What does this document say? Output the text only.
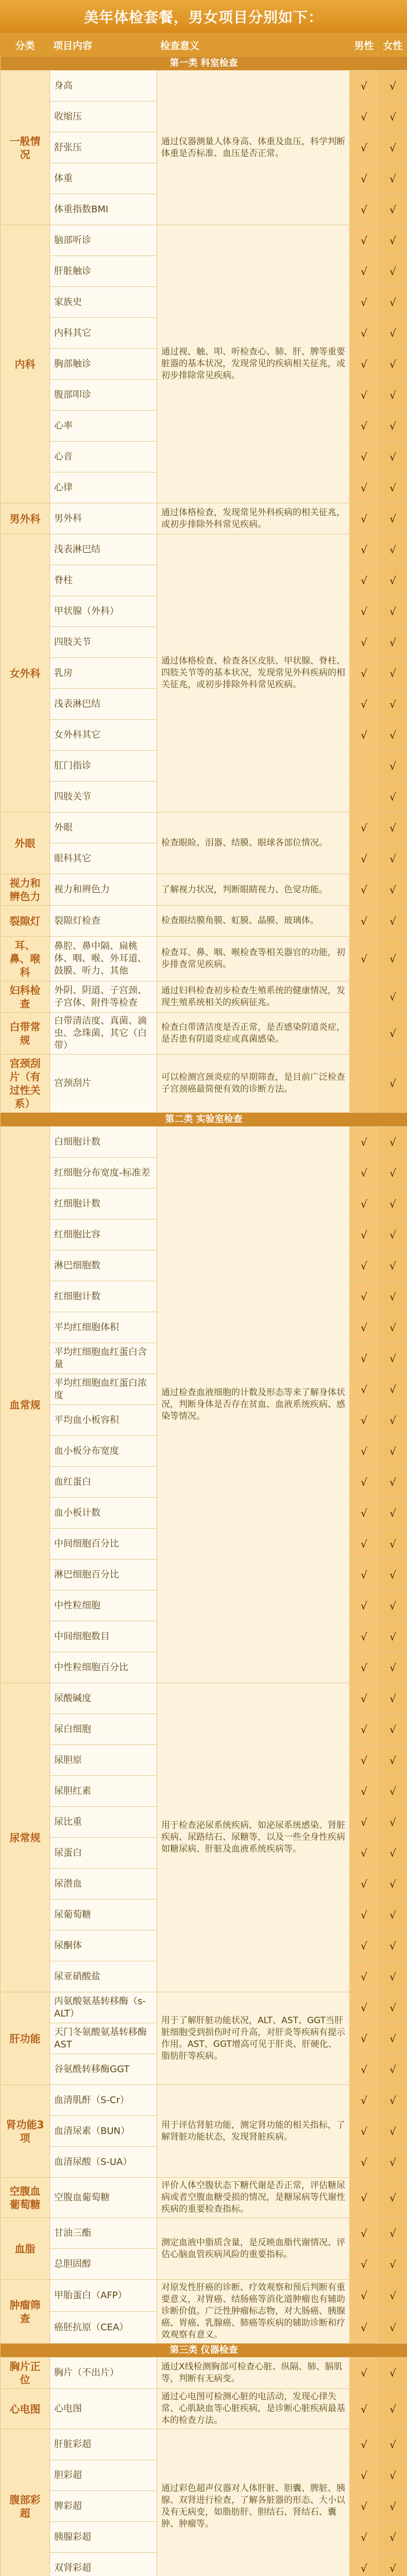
美年体检套餐，男女项目分别如下：
分类	项目内容	检查意义	男性	女性
第一类 科室检查				
一般情况	身高	通过仪器测量人体身高、体重及血压，科学判断体重是否标准、血压是否正常。	√	√
	收缩压		√	√
	舒张压		√	√
	体重		√	√
	体重指数BMI		√	√
内科	脑部听诊	通过视、触、叩、听检查心、肺、肝、脾等重要脏器的基本状况，发现常见的疾病相关征兆，或初步排除常见疾病。	√	√
	肝脏触诊		√	√
	家族史		√	√
	内科其它		√	√
	胸部触诊		√	√
	腹部叩诊		√	√
	心率		√	√
	心音		√	√
	心律		√	√
男外科	男外科	通过体格检查，发现常见外科疾病的相关征兆，或初步排除外科常见疾病。	√	√
女外科	浅表淋巴结	通过体格检查、检查各区皮肤、甲状腺、脊柱、四肢关节等的基本状况，发现常见外科疾病的相关征兆，或初步排除外科常见疾病。	√	√
	脊柱		√	√
	甲状腺（外科）		√	√
	四肢关节		√	√
	乳房		√	√
	浅表淋巴结		√	√
	女外科其它		√	√
	肛门指诊			√
	四肢关节			√
外眼	外眼	检查眼睑、泪器、结膜、眼球各部位情况。	√	√
	眼科其它		√	√
视力和辨色力	视力和辨色力	了解视力状况，判断眼睛视力、色觉功能。	√	√
裂隙灯	裂隙灯检查	检查眼结膜角膜、虹膜、晶膜、玻璃体。	√	√
耳、鼻、喉科	鼻腔、鼻中隔、扁桃体、咽、喉、外耳道、鼓膜、听力、其他	检查耳、鼻、咽、喉检查等相关器官的功能，初步排查常见疾病。	√	√
妇科检查	外阴、阴道、子宫颈、子宫体、附件等检查	通过妇科检查初步检查生殖系统的健康情况，发现生殖系统相关的疾病征兆。		√
白带常规	白带清洁度、真菌、滴虫、念珠菌、其它（白带）	检查白带清洁度是否正常，是否感染阴道炎症，是否患有阴道炎症或真菌感染。		√
宫颈刮片（有过性关系）	宫颈刮片	可以检测宫颈炎症的早期筛查，是目前广泛检查子宫颈癌最简便有效的诊断方法。		√
第二类 实验室检查				
血常规	白细胞计数	通过检查血液细胞的计数及形态等来了解身体状况，判断身体是否存在贫血、血液系统疾病、感染等情况。	√	√
	红细胞分布宽度-标准差		√	√
	红细胞计数		√	√
	红细胞比容		√	√
	淋巴细胞数		√	√
	红细胞计数		√	√
	平均红细胞体积		√	√
	平均红细胞血红蛋白含量		√	√
	平均红细胞血红蛋白浓度		√	√
	平均血小板容积		√	√
	血小板分布宽度		√	√
	血红蛋白		√	√
	血小板计数		√	√
	中间细胞百分比		√	√
	淋巴细胞百分比		√	√
	中性粒细胞		√	√
	中间细胞数目		√	√
	中性粒细胞百分比		√	√
尿常规	尿酸碱度	用于检查泌尿系统疾病、如泌尿系统感染、肾脏疾病、尿路结石、尿糖等，以及一些全身性疾病如糖尿病、肝脏及血液系统疾病等。	√	√
	尿白细胞		√	√
	尿胆原		√	√
	尿胆红素		√	√
	尿比重		√	√
	尿蛋白		√	√
	尿潜血		√	√
	尿葡萄糖		√	√
	尿酮体		√	√
	尿亚硝酸盐		√	√
肝功能	丙氨酸氨基转移酶（s-ALT）	用于了解肝脏功能状况，ALT、AST、GGT当肝脏细胞受到损伤时可升高，对肝炎等疾病有提示作用。AST、GGT增高可见于肝炎、肝硬化、脂肪肝等疾病。	√	√
	天门冬氨酸氨基转移酶AST		√	√
	谷氨酰转移酶GGT		√	√
肾功能3项	血清肌酐（S-Cr）	用于评估肾脏功能，测定肾功能的相关指标，了解肾脏功能状态，发现肾脏疾病。	√	√
	血清尿素（BUN）		√	√
	血清尿酸（S-UA）		√	√
空腹血葡萄糖	空腹血葡萄糖	评价人体空腹状态下糖代谢是否正常，评估糖尿病或者空腹血糖受损的情况，是糖尿病等代谢性疾病的重要检查指标。	√	√
血脂	甘油三酯	测定血液中脂质含量，是反映血脂代谢情况、评估心脑血管疾病风险的重要指标。	√	√
	总胆固醇		√	√
肿瘤筛查	甲胎蛋白（AFP）	对原发性肝癌的诊断、疗效观察和预后判断有重要意义，对胃癌、结肠癌等消化道肿瘤也有辅助诊断价值。广泛性肿瘤标志物，对大肠癌、胰腺癌、胃癌、乳腺癌、肺癌等疾病的辅助诊断和疗效观察有意义。	√	√
	癌胚抗原（CEA）		√	√
第三类 仪器检查				
胸片正位	胸片（不出片）	通过X线检测胸部可检查心脏、纵隔、肺、膈肌等，判断有无病变。	√	√
心电图	心电图	通过心电图可检测心脏的电活动，发现心律失常、心肌缺血等心脏疾病，是诊断心脏疾病最基本的检查方法。	√	√
腹部彩超	肝脏彩超	通过彩色超声仪器对人体肝脏、胆囊、脾脏、胰腺、双肾进行检查，了解各脏器的形态、大小以及有无病变，如脂肪肝、胆结石、肾结石、囊肿、肿瘤等。	√	√
	胆彩超		√	√
	脾彩超		√	√
	胰腺彩超		√	√
	双肾彩超		√	√
